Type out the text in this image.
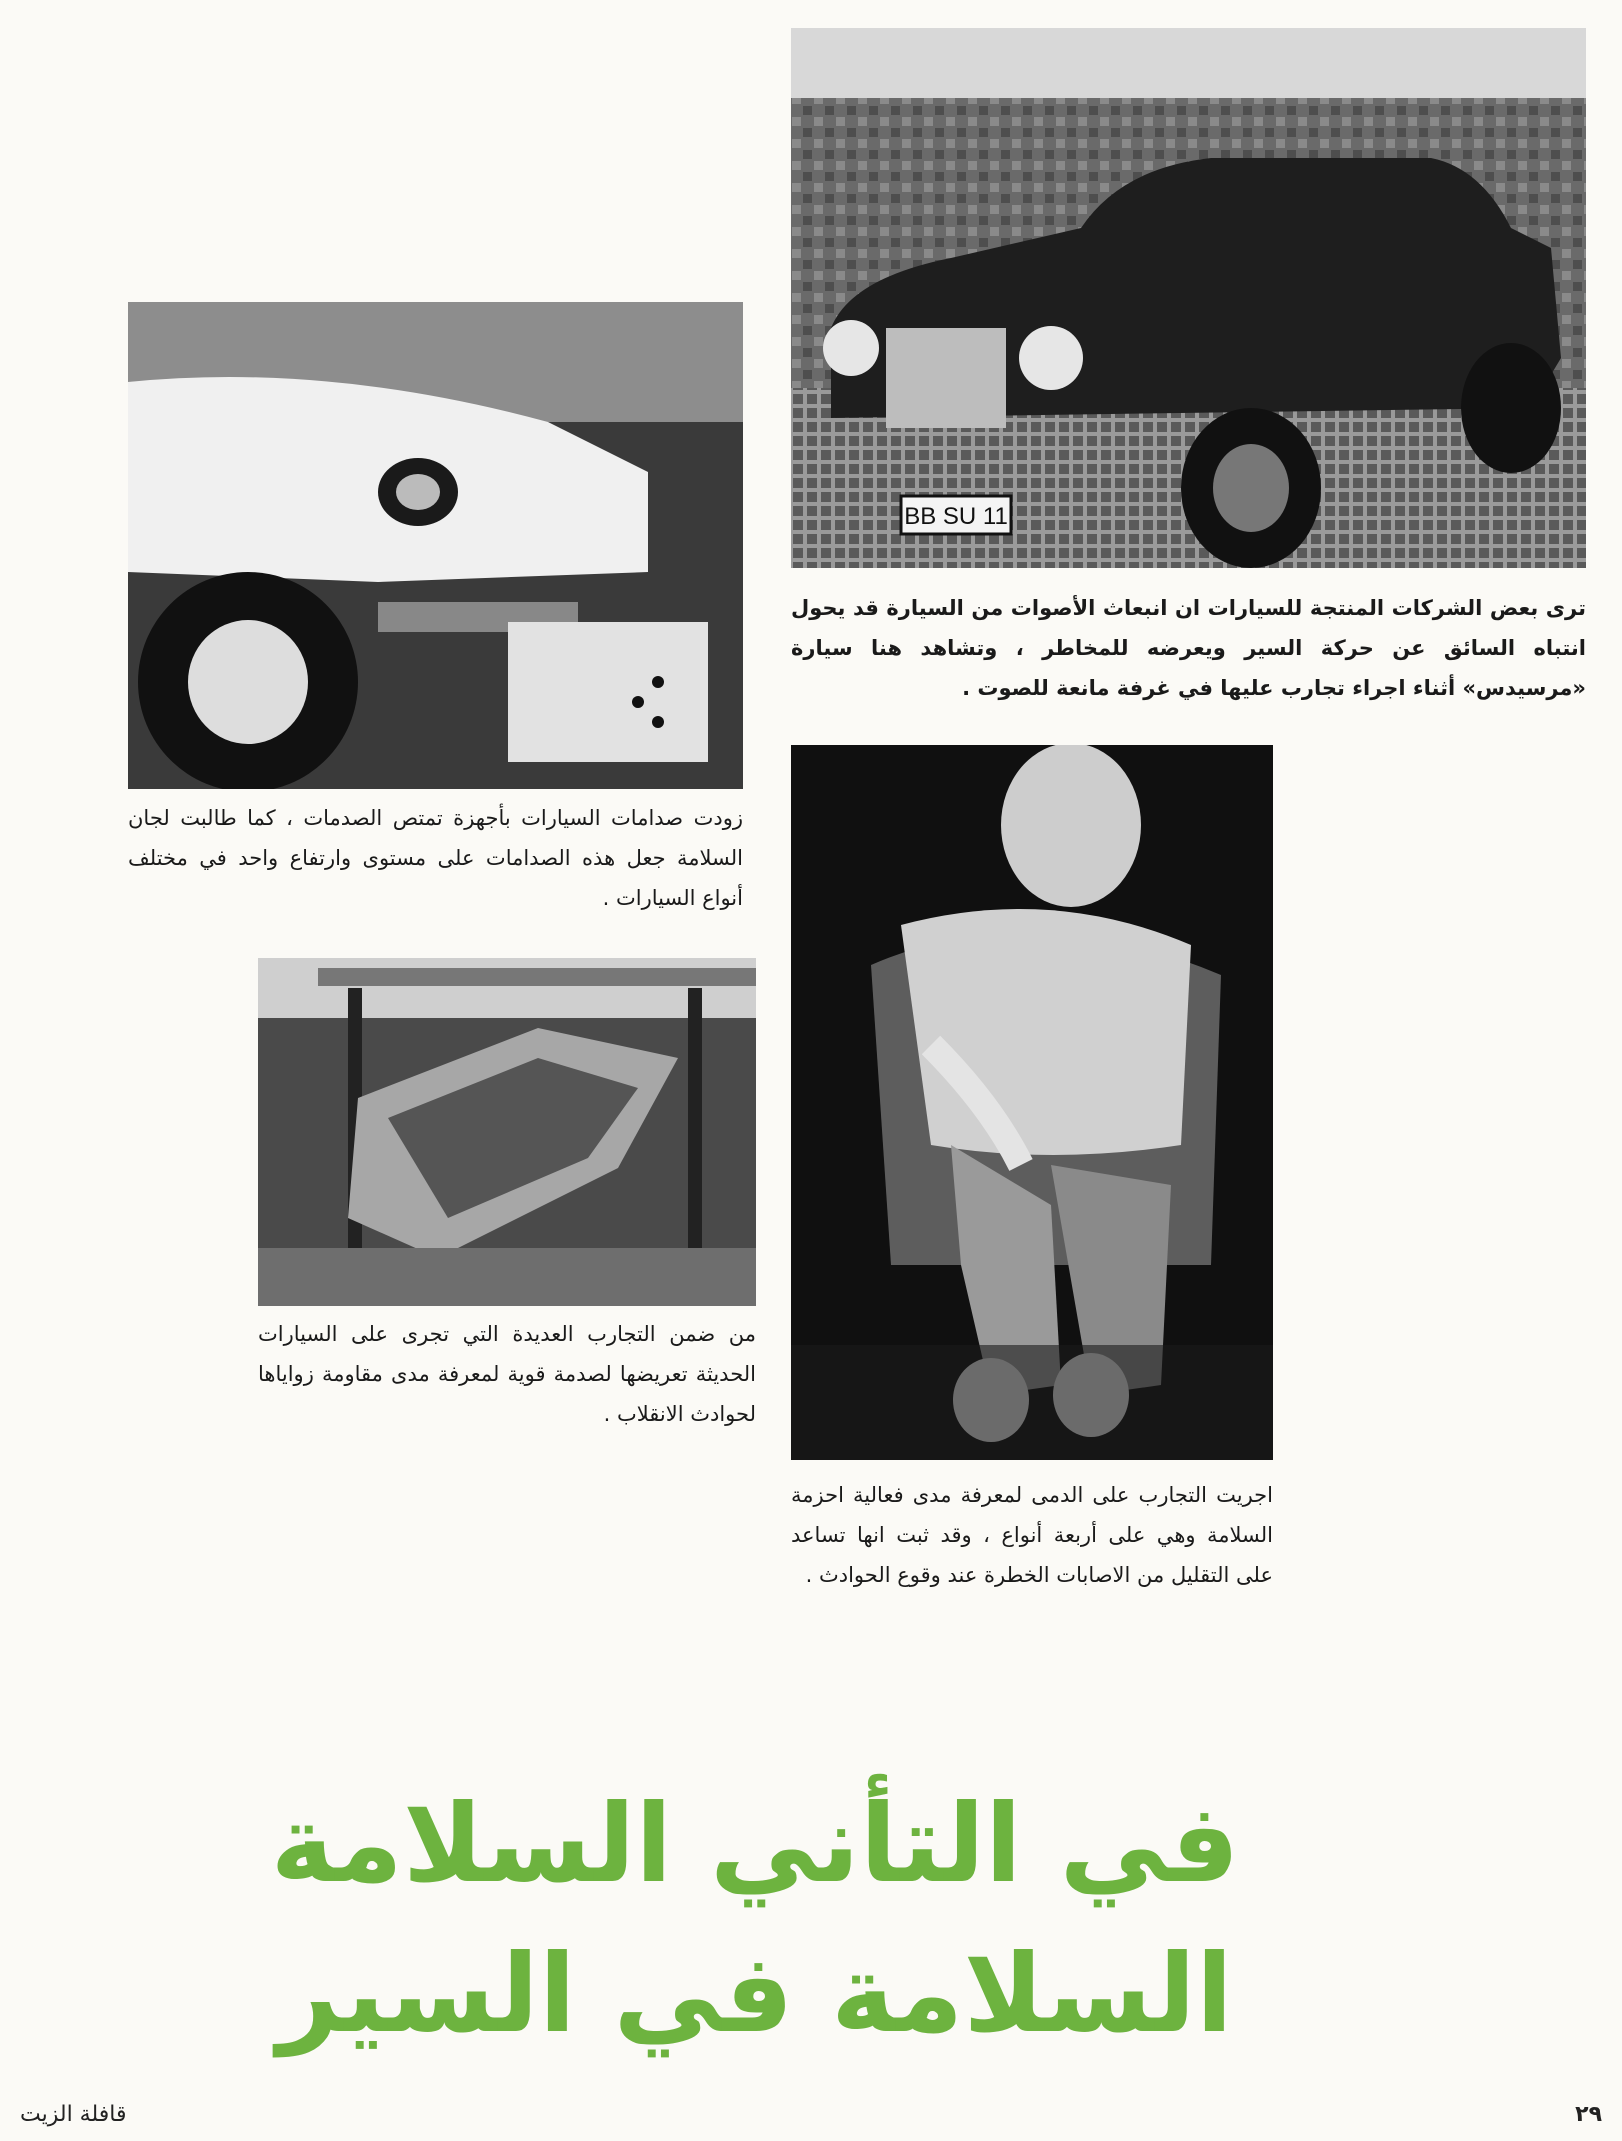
BB SU 11
ترى بعض الشركات المنتجة للسيارات ان انبعاث الأصوات من السيارة قد يحول انتباه السائق عن حركة السير ويعرضه للمخاطر ، وتشاهد هنا سيارة «مرسيدس» أثناء اجراء تجارب عليها في غرفة مانعة للصوت .
زودت صدامات السيارات بأجهزة تمتص الصدمات ، كما طالبت لجان السلامة جعل هذه الصدامات على مستوى وارتفاع واحد في مختلف أنواع السيارات .
من ضمن التجارب العديدة التي تجرى على السيارات الحديثة تعريضها لصدمة قوية لمعرفة مدى مقاومة زواياها لحوادث الانقلاب .
اجريت التجارب على الدمى لمعرفة مدى فعالية احزمة السلامة وهي على أربعة أنواع ، وقد ثبت انها تساعد على التقليل من الاصابات الخطرة عند وقوع الحوادث .
في التأني السلامة
السلامة في السير
٢٩
قافلة الزيت
